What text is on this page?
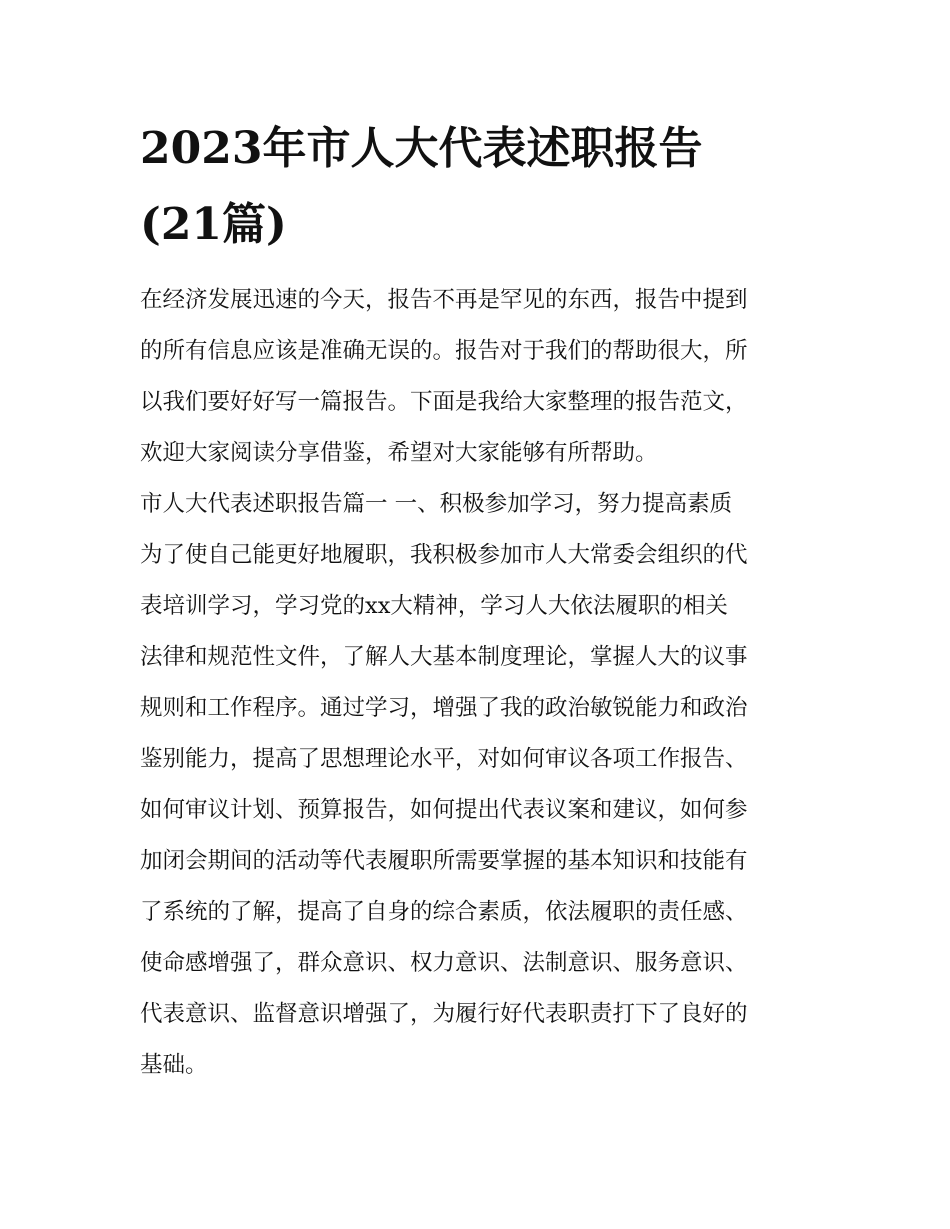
2023年市人大代表述职报告
(21篇)
在经济发展迅速的今天，报告不再是罕见的东西，报告中提到
的所有信息应该是准确无误的。报告对于我们的帮助很大，所
以我们要好好写一篇报告。下面是我给大家整理的报告范文，
欢迎大家阅读分享借鉴，希望对大家能够有所帮助。
市人大代表述职报告篇一 一、积极参加学习，努力提高素质
为了使自己能更好地履职，我积极参加市人大常委会组织的代
表培训学习，学习党的xx大精神，学习人大依法履职的相关
法律和规范性文件，了解人大基本制度理论，掌握人大的议事
规则和工作程序。通过学习，增强了我的政治敏锐能力和政治
鉴别能力，提高了思想理论水平，对如何审议各项工作报告、
如何审议计划、预算报告，如何提出代表议案和建议，如何参
加闭会期间的活动等代表履职所需要掌握的基本知识和技能有
了系统的了解，提高了自身的综合素质，依法履职的责任感、
使命感增强了，群众意识、权力意识、法制意识、服务意识、
代表意识、监督意识增强了，为履行好代表职责打下了良好的
基础。
